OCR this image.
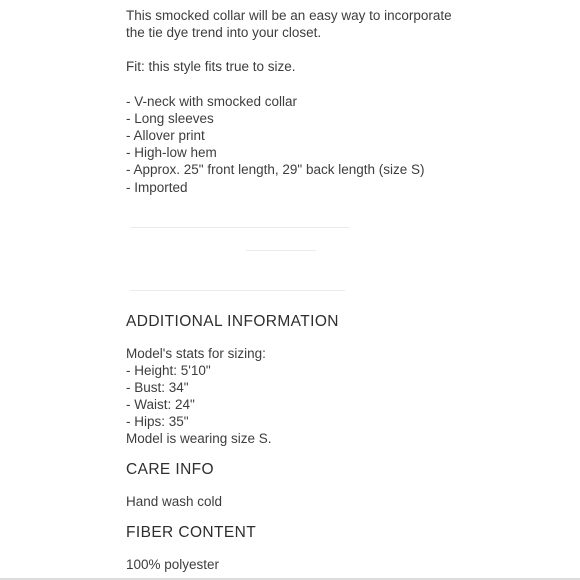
This smocked collar will be an easy way to incorporate

the tie dye trend into your closet.

Fit: this style fits true to size.

- V-neck with smocked collar

- Long sleeves

- Allover print

- High-low hem

- Approx. 25" front length, 29" back length (size S)

- Imported

ADDITIONAL INFORMATION

Model's stats for sizing:

- Height: 5'10"

- Bust: 34"

- Waist: 24"

- Hips: 35"

Model is wearing size S.

CARE INFO

Hand wash cold

FIBER CONTENT

100% polyester
